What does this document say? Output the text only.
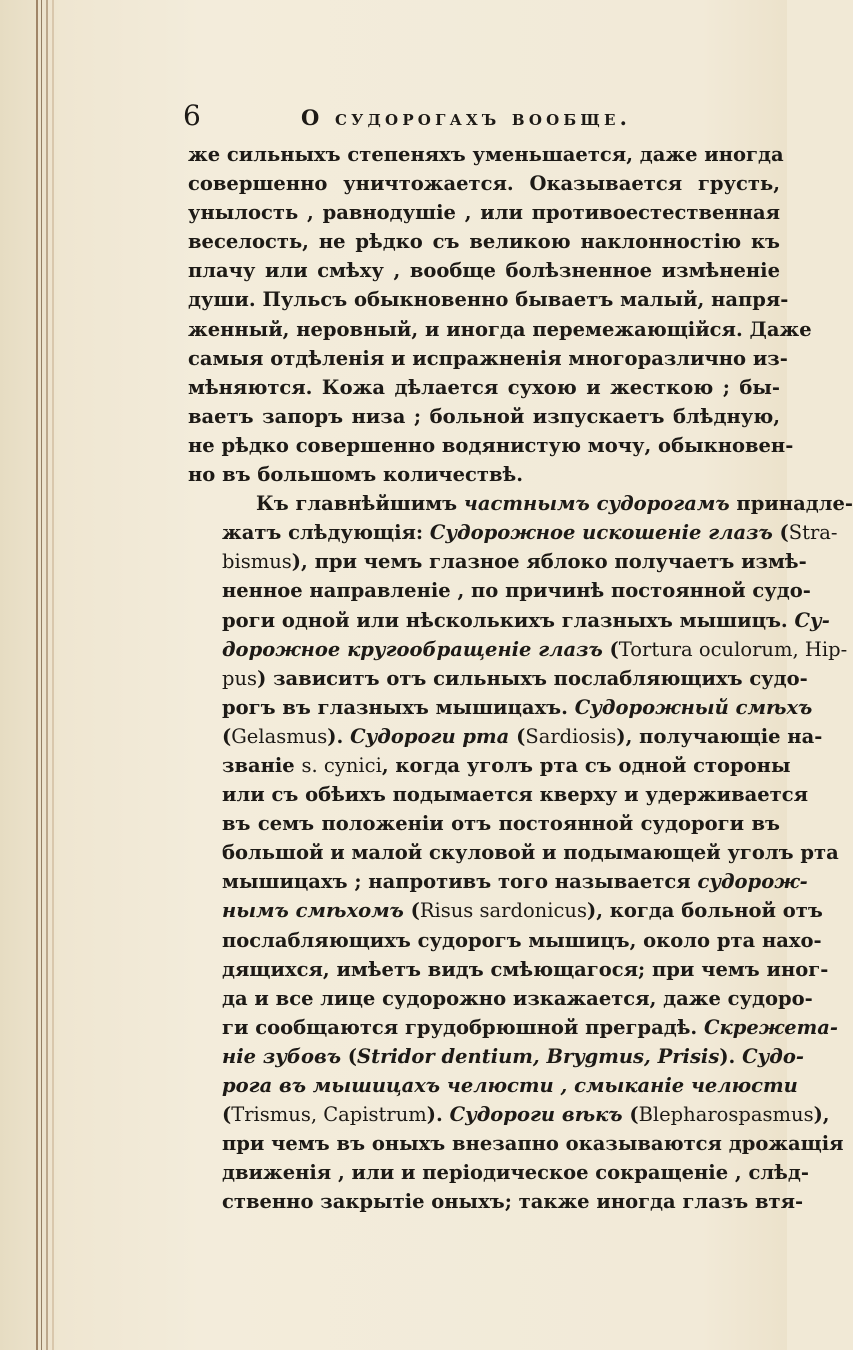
6	О судорогахъ вообще.
же сильныхъ степеняхъ уменьшается, даже иногда
совершенно уничтожается. Оказывается грусть,
унылость , равнодушіе , или противоестественная
веселость, не рѣдко съ великою наклонностію къ
плачу или смѣху , вообще болѣзненное измѣненіе
души. Пульсъ обыкновенно бываетъ малый, напря-
женный, неровный, и иногда перемежающійся. Даже
самыя отдѣленія и испражненія многоразлично из-
мѣняются. Кожа дѣлается сухою и жесткою ; бы-
ваетъ запоръ низа ; больной изпускаетъ блѣдную,
не рѣдко совершенно водянистую мочу, обыкновен-
но въ большомъ количествѣ.
Къ главнѣйшимъ частнымъ судорогамъ принадле-
жатъ слѣдующія: Судорожное искошеніе глазъ (Stra-
bismus), при чемъ глазное яблоко получаетъ измѣ-
ненное направленіе , по причинѣ постоянной судо-
роги одной или нѣсколькихъ глазныхъ мышицъ. Су-
дорожное кругообращеніе глазъ (Tortura oculorum, Hip-
pus) зависитъ отъ сильныхъ послабляющихъ судо-
рогъ въ глазныхъ мышицахъ. Судорожный смѣхъ
(Gelasmus). Судороги рта (Sardiosis), получающіе на-
званіе s. cynici, когда уголъ рта съ одной стороны
или съ обѣихъ подымается кверху и удерживается
въ семъ положеніи отъ постоянной судороги въ
большой и малой скуловой и подымающей уголъ рта
мышицахъ ; напротивъ того называется судорож-
нымъ смѣхомъ (Risus sardonicus), когда больной отъ
послабляющихъ судорогъ мышицъ, около рта нахо-
дящихся, имѣетъ видъ смѣющагося; при чемъ иног-
да и все лице судорожно изкажается, даже судоро-
ги сообщаются грудобрюшной преградѣ. Скрежета-
ніе зубовъ (Stridor dentium, Brygmus, Prisis). Судо-
рога въ мышицахъ челюсти , смыканіе челюсти
(Trismus, Capistrum). Судороги вѣкъ (Blepharospasmus),
при чемъ въ оныхъ внезапно оказываются дрожащія
движенія , или и періодическое сокращеніе , слѣд-
ственно закрытіе оныхъ; также иногда глазъ втя-
